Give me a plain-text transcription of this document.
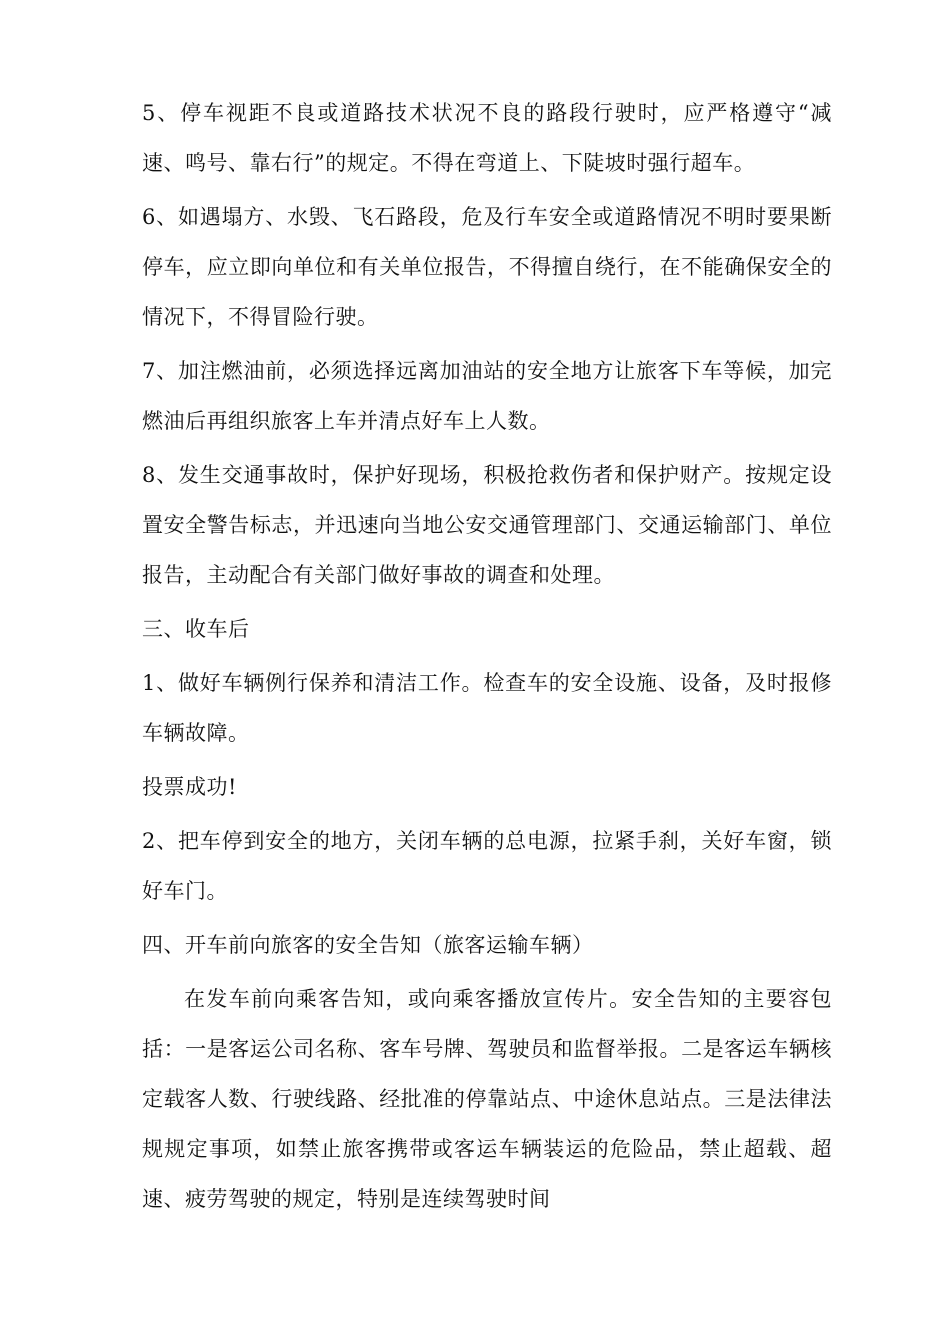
5、停车视距不良或道路技术状况不良的路段行驶时，应严格遵守“减速、鸣号、靠右行”的规定。不得在弯道上、下陡坡时强行超车。

6、如遇塌方、水毁、飞石路段，危及行车安全或道路情况不明时要果断停车，应立即向单位和有关单位报告，不得擅自绕行，在不能确保安全的情况下，不得冒险行驶。

7、加注燃油前，必须选择远离加油站的安全地方让旅客下车等候，加完燃油后再组织旅客上车并清点好车上人数。

8、发生交通事故时，保护好现场，积极抢救伤者和保护财产。按规定设置安全警告标志，并迅速向当地公安交通管理部门、交通运输部门、单位报告，主动配合有关部门做好事故的调查和处理。

三、收车后

1、做好车辆例行保养和清洁工作。检查车的安全设施、设备，及时报修车辆故障。

投票成功!

2、把车停到安全的地方，关闭车辆的总电源，拉紧手刹，关好车窗，锁好车门。

四、开车前向旅客的安全告知（旅客运输车辆）

在发车前向乘客告知，或向乘客播放宣传片。安全告知的主要容包括：一是客运公司名称、客车号牌、驾驶员和监督举报。二是客运车辆核定载客人数、行驶线路、经批准的停靠站点、中途休息站点。三是法律法规规定事项，如禁止旅客携带或客运车辆装运的危险品，禁止超载、超速、疲劳驾驶的规定，特别是连续驾驶时间
